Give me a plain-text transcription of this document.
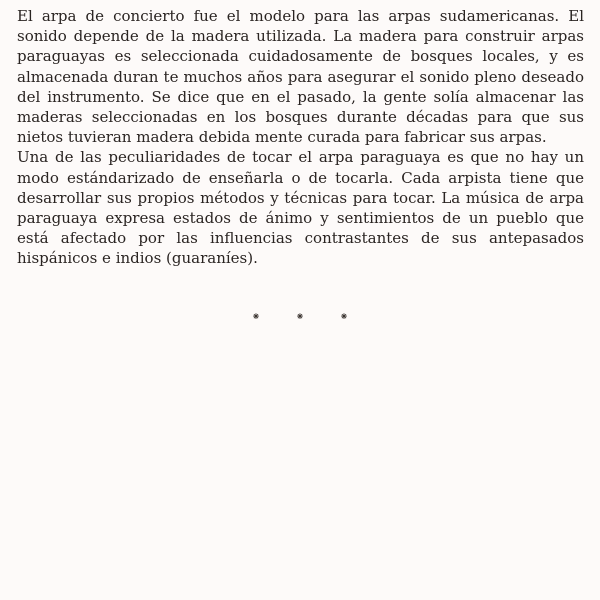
El arpa de concierto fue el modelo para las arpas sudamericanas. El sonido depende de la madera utilizada. La madera para construir arpas paraguayas es seleccionada cuidadosamente de bosques locales, y es almacenada duran te muchos años para asegurar el sonido pleno deseado del instrumento. Se dice que en el pasado, la gente solía almacenar las maderas seleccionadas en los bosques durante décadas para que sus nietos tuvieran madera debida mente curada para fabricar sus arpas.

Una de las peculiaridades de tocar el arpa paraguaya es que no hay un modo estándarizado de enseñarla o de tocarla. Cada arpista tiene que desarrollar sus propios métodos y técnicas para tocar. La música de arpa paraguaya expresa estados de ánimo y sentimientos de un pueblo que está afectado por las influencias contrastantes de sus antepasados hispánicos e indios (guaraníes).

⁕	⁕	⁕
